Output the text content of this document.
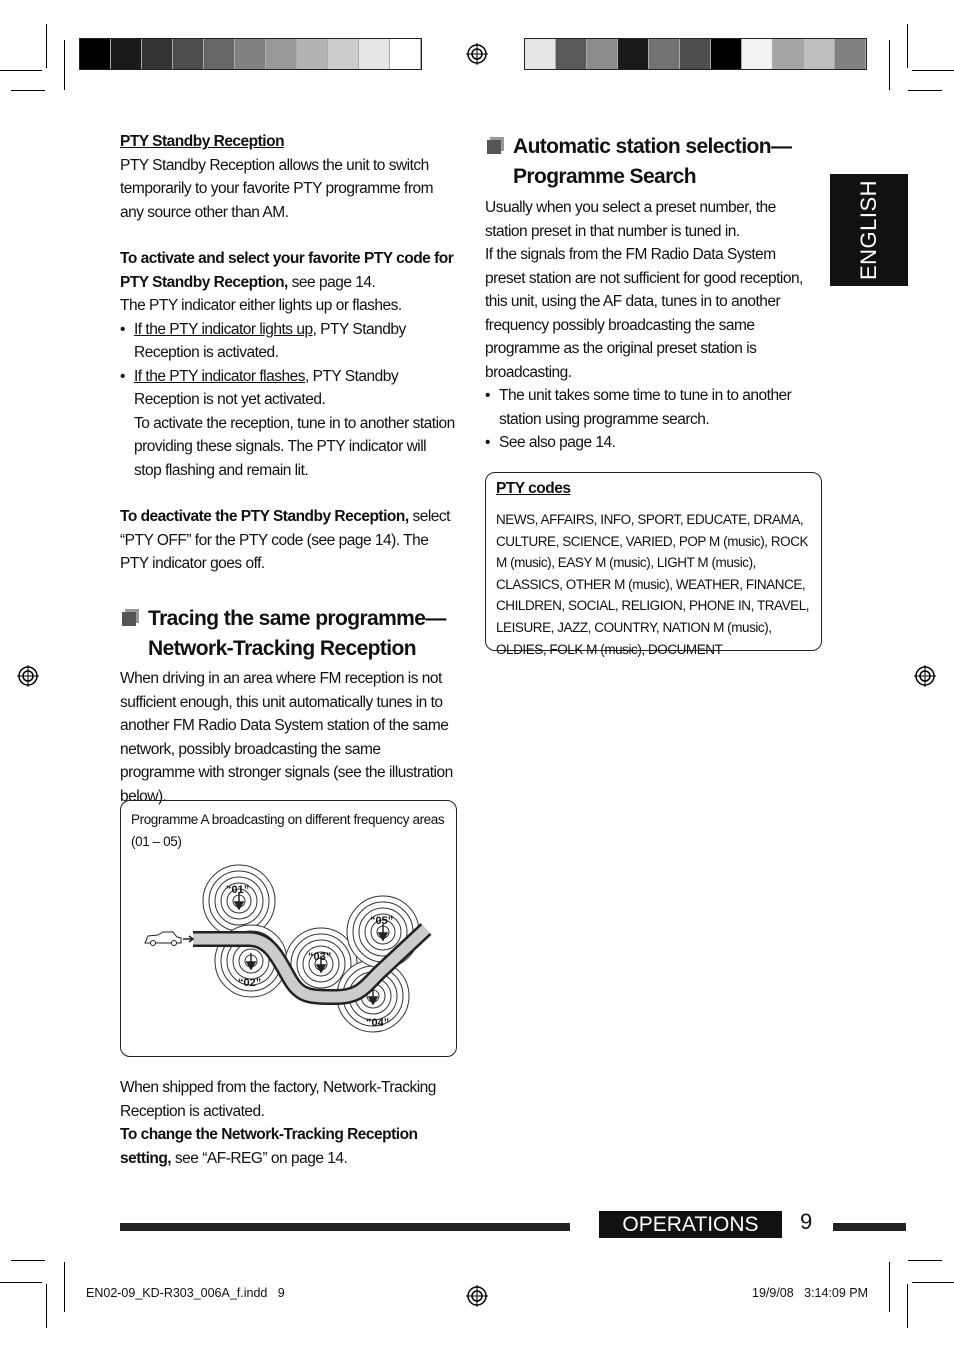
ENGLISH
PTY Standby Reception
PTY Standby Reception allows the unit to switch temporarily to your favorite PTY programme from any source other than AM.
To activate and select your favorite PTY code for PTY Standby Reception, see page 14.
The PTY indicator either lights up or flashes.
• If the PTY indicator lights up, PTY Standby Reception is activated.
• If the PTY indicator flashes, PTY Standby Reception is not yet activated.
To activate the reception, tune in to another station providing these signals. The PTY indicator will stop flashing and remain lit.
To deactivate the PTY Standby Reception, select “PTY OFF” for the PTY code (see page 14). The PTY indicator goes off.
Tracing the same programme—
Network-Tracking Reception
When driving in an area where FM reception is not sufficient enough, this unit automatically tunes in to another FM Radio Data System station of the same network, possibly broadcasting the same programme with stronger signals (see the illustration below).
Programme A broadcasting on different frequency areas (01 – 05)
“01”
“02”
“03”
“04”
“05”
When shipped from the factory, Network-Tracking Reception is activated.
To change the Network-Tracking Reception setting, see “AF-REG” on page 14.
Automatic station selection—
Programme Search
Usually when you select a preset number, the station preset in that number is tuned in.
If the signals from the FM Radio Data System preset station are not sufficient for good reception, this unit, using the AF data, tunes in to another frequency possibly broadcasting the same programme as the original preset station is broadcasting.
• The unit takes some time to tune in to another station using programme search.
• See also page 14.
PTY codes
NEWS, AFFAIRS, INFO, SPORT, EDUCATE, DRAMA, CULTURE, SCIENCE, VARIED, POP M (music), ROCK M (music), EASY M (music), LIGHT M (music), CLASSICS, OTHER M (music), WEATHER, FINANCE, CHILDREN, SOCIAL, RELIGION, PHONE IN, TRAVEL, LEISURE, JAZZ, COUNTRY, NATION M (music), OLDIES, FOLK M (music), DOCUMENT
OPERATIONS	9
EN02-09_KD-R303_006A_f.indd   9	19/9/08   3:14:09 PM
